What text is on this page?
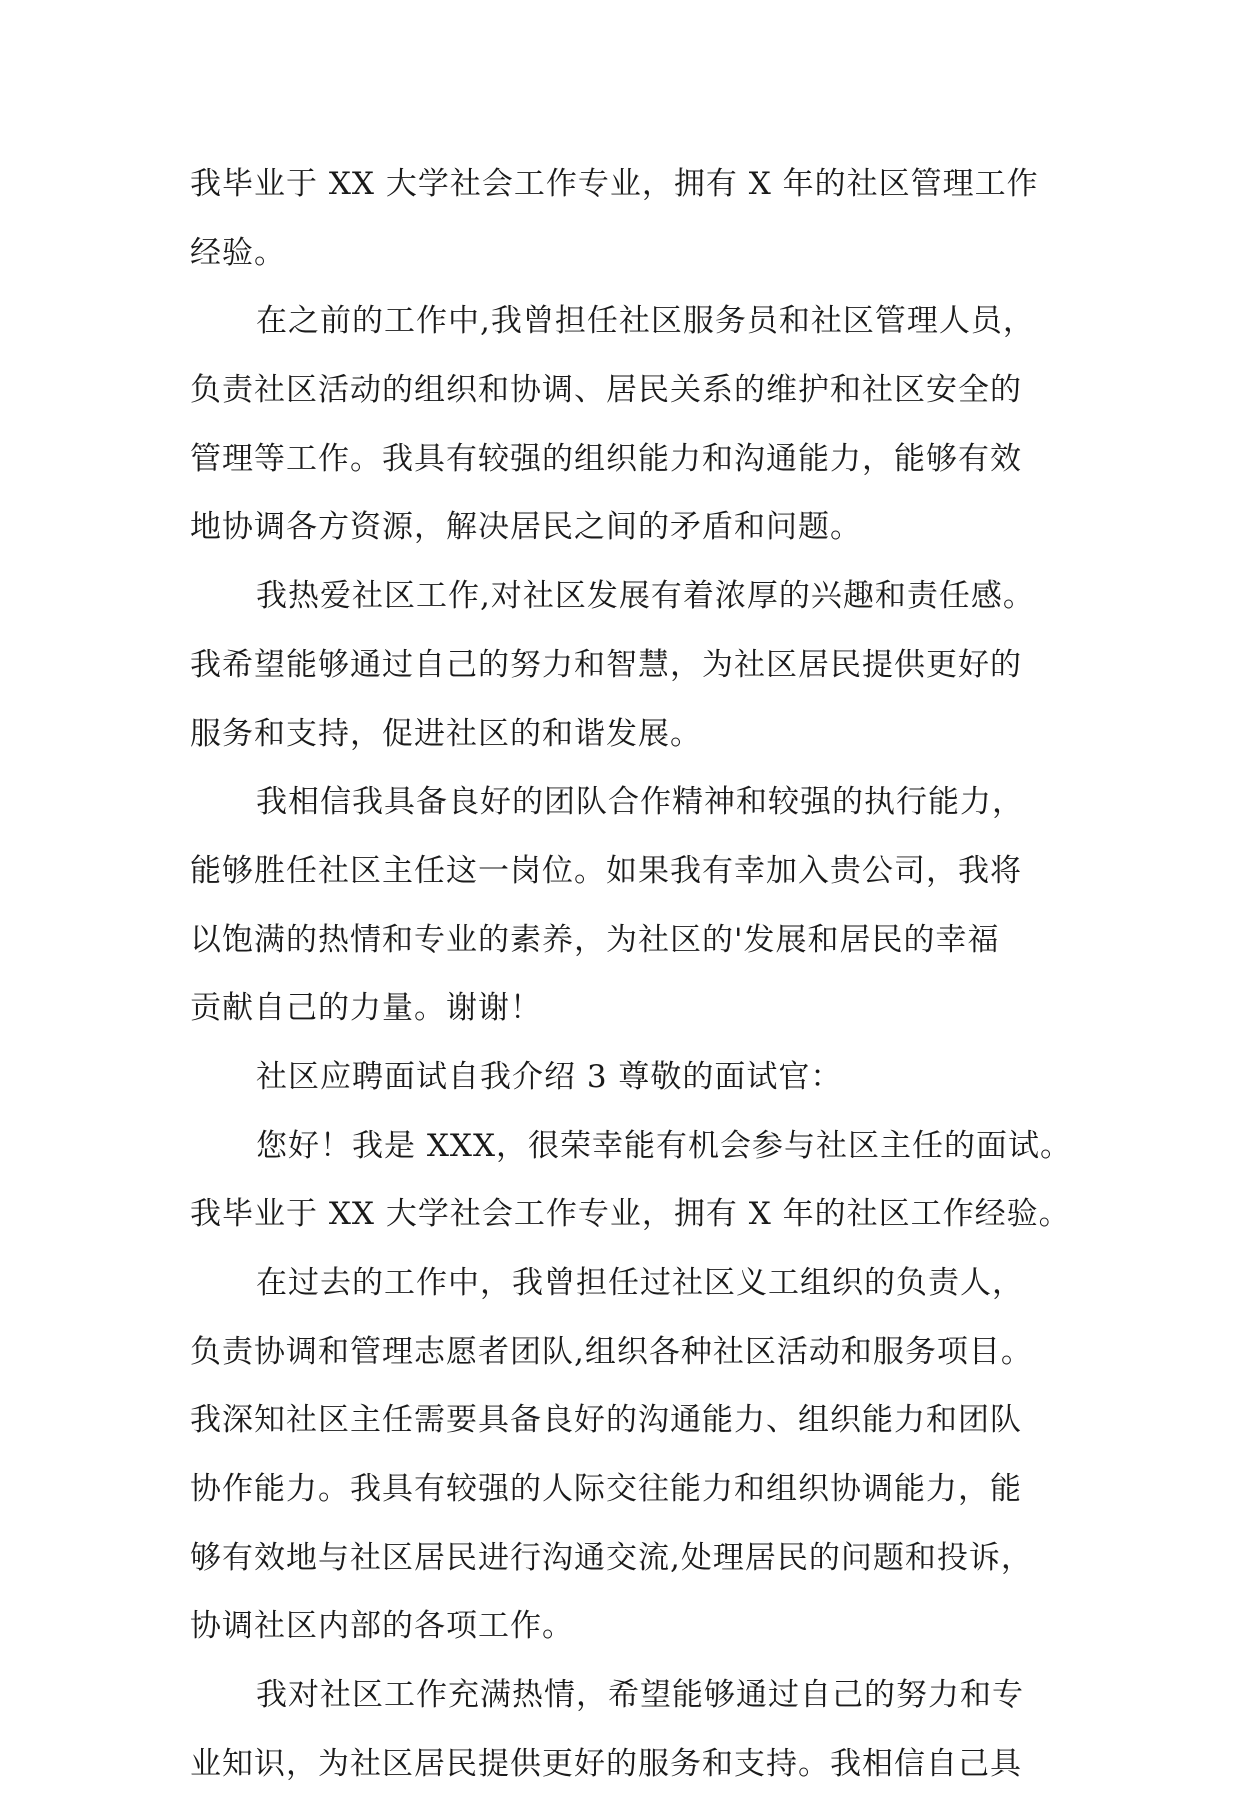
我毕业于 XX 大学社会工作专业，拥有 X 年的社区管理工作
经验。
在之前的工作中,我曾担任社区服务员和社区管理人员，
负责社区活动的组织和协调、居民关系的维护和社区安全的
管理等工作。我具有较强的组织能力和沟通能力，能够有效
地协调各方资源，解决居民之间的矛盾和问题。
我热爱社区工作,对社区发展有着浓厚的兴趣和责任感。
我希望能够通过自己的努力和智慧，为社区居民提供更好的
服务和支持，促进社区的和谐发展。
我相信我具备良好的团队合作精神和较强的执行能力，
能够胜任社区主任这一岗位。如果我有幸加入贵公司，我将
以饱满的热情和专业的素养，为社区的'发展和居民的幸福
贡献自己的力量。谢谢！
社区应聘面试自我介绍 3 尊敬的面试官：
您好！我是 XXX，很荣幸能有机会参与社区主任的面试。
我毕业于 XX 大学社会工作专业，拥有 X 年的社区工作经验。
在过去的工作中，我曾担任过社区义工组织的负责人，
负责协调和管理志愿者团队,组织各种社区活动和服务项目。
我深知社区主任需要具备良好的沟通能力、组织能力和团队
协作能力。我具有较强的人际交往能力和组织协调能力，能
够有效地与社区居民进行沟通交流,处理居民的问题和投诉，
协调社区内部的各项工作。
我对社区工作充满热情，希望能够通过自己的努力和专
业知识，为社区居民提供更好的服务和支持。我相信自己具
